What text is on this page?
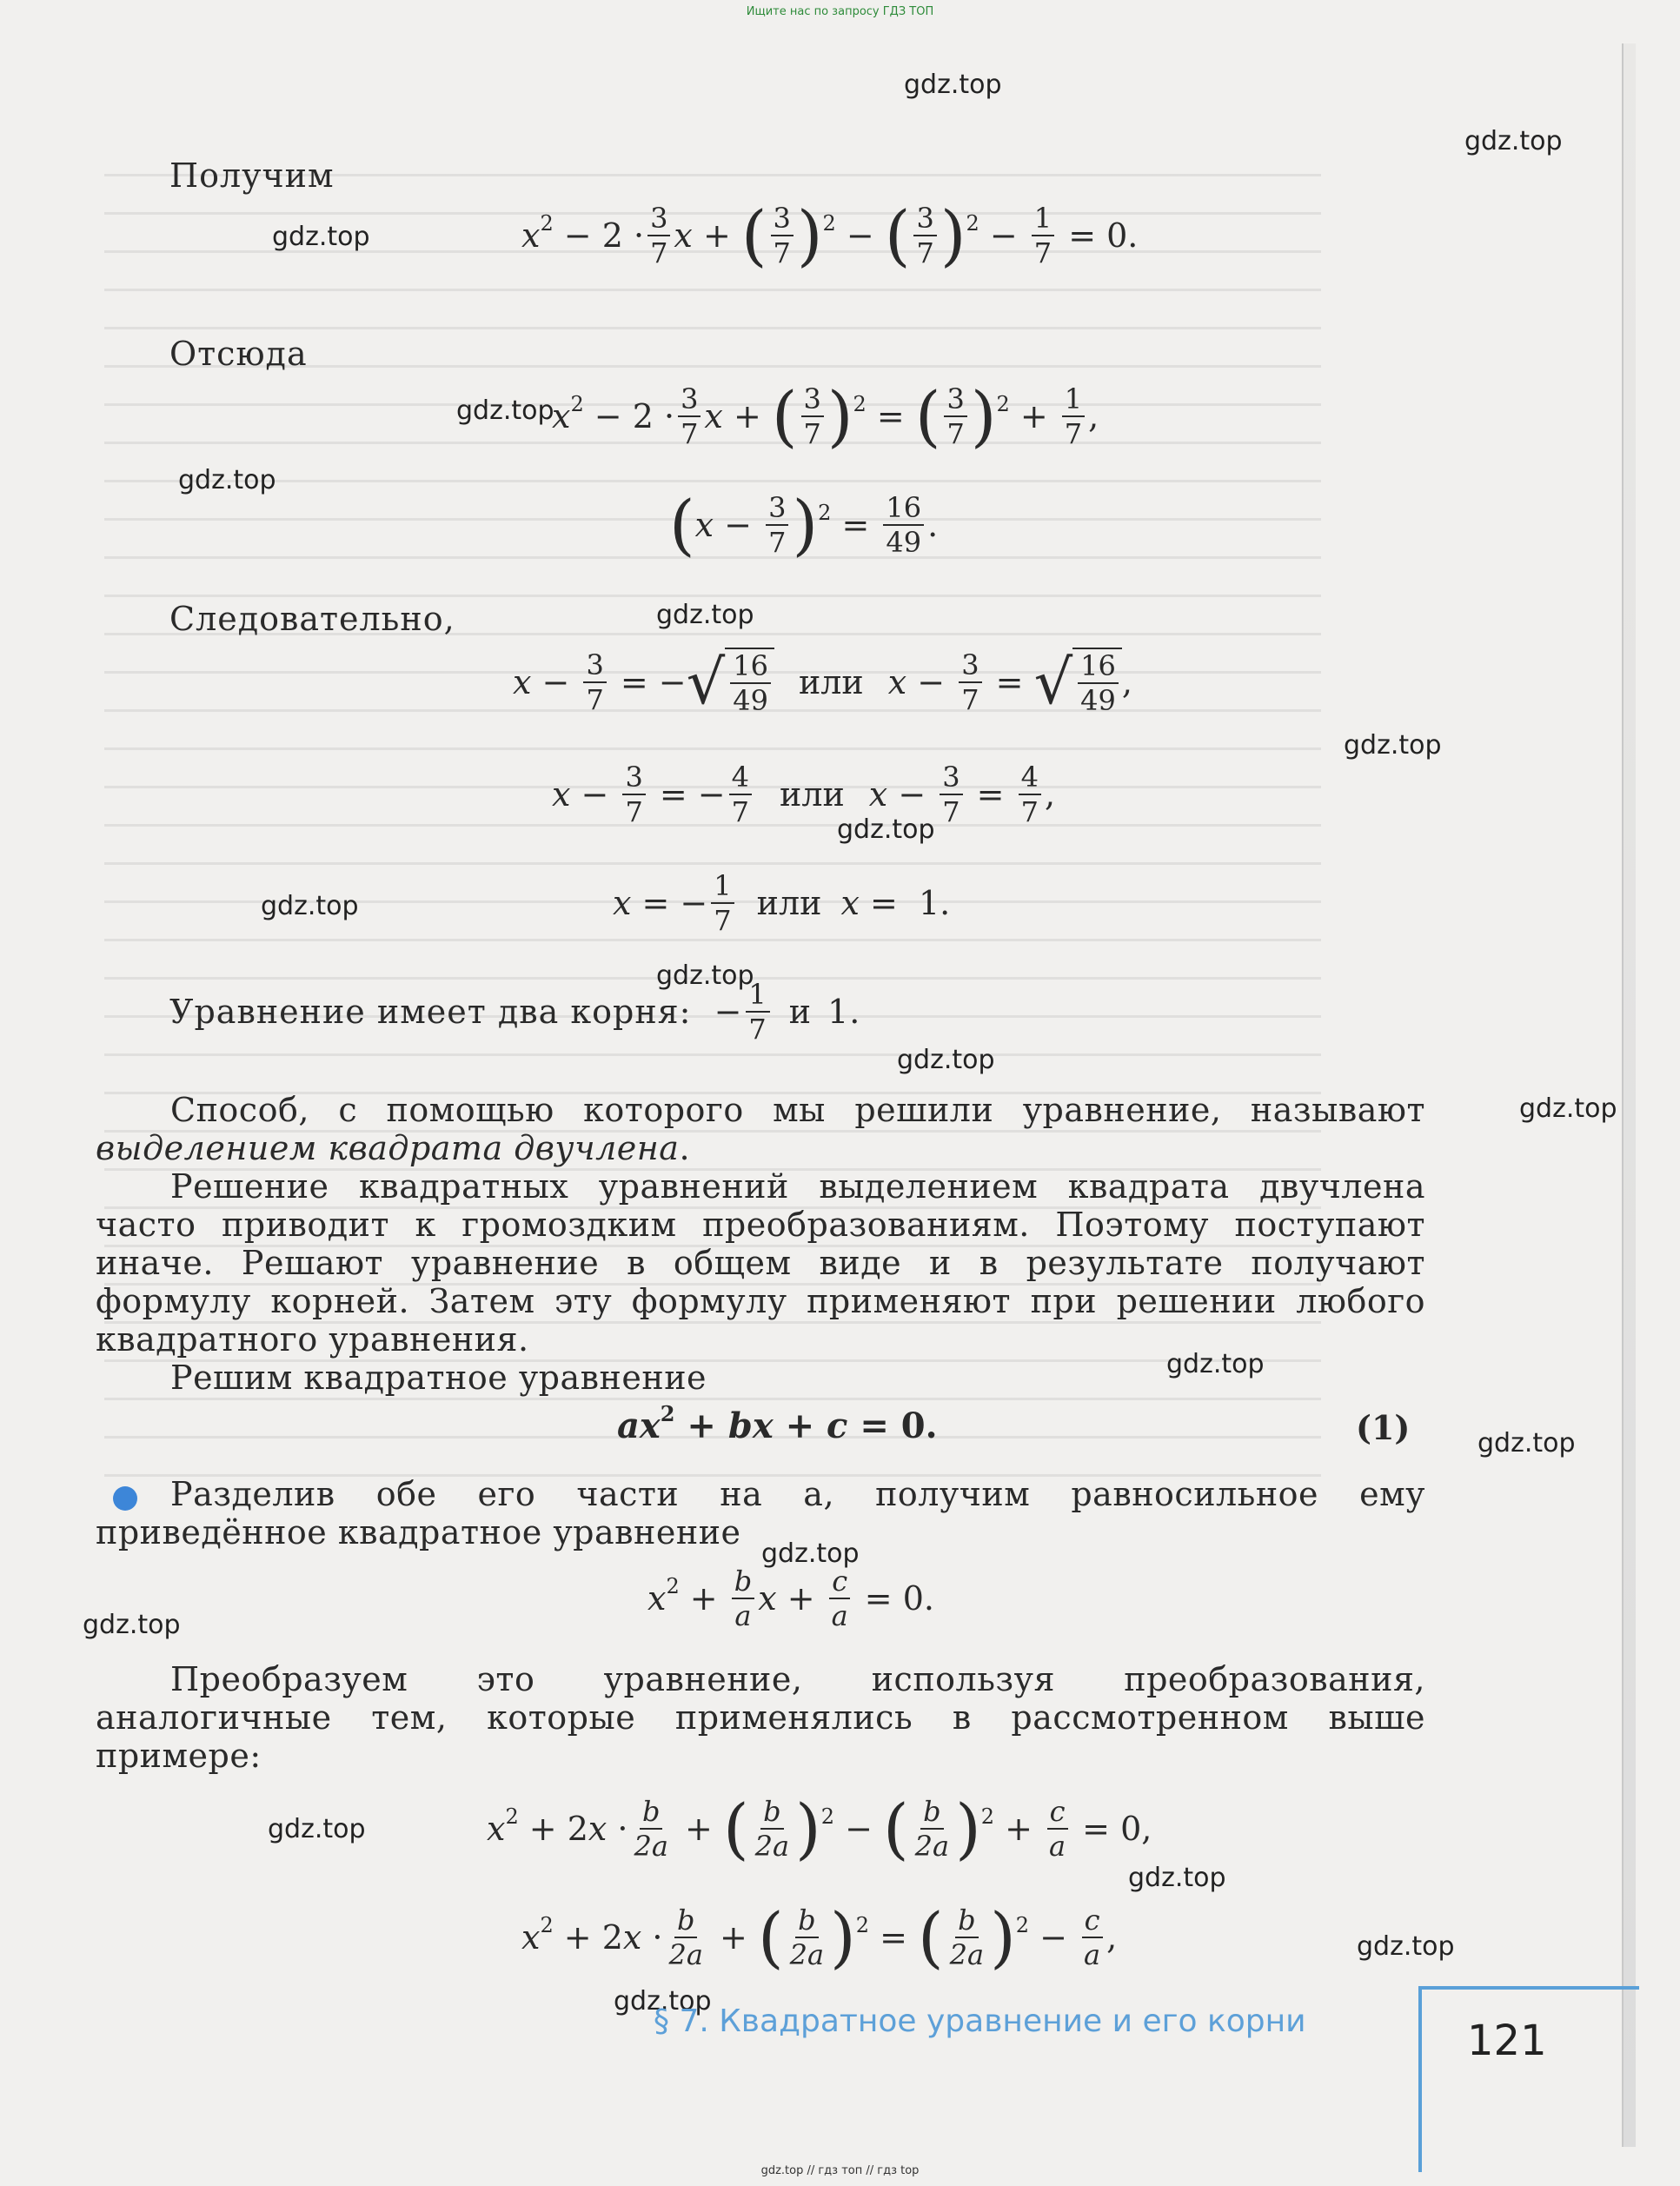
Ищите нас по запросу ГДЗ ТОП
gdz.top
gdz.top
gdz.top
gdz.top
gdz.top
gdz.top
gdz.top
gdz.top
gdz.top
gdz.top
gdz.top
gdz.top
gdz.top
gdz.top
gdz.top
gdz.top
gdz.top
gdz.top
gdz.top
gdz.top
Получим
x $2 - 2 \cdot \frac{3}{7}$ x + ( $\frac{3}{7}$ ) 2 − ( $\frac{3}{7}$ ) $2 - \frac{1}{7} = 0$.
Отсюда
x $2 - 2 \cdot \frac{3}{7}$ x + ( $\frac{3}{7}$ ) 2 = ( $\frac{3}{7}$ ) $2 + \frac{1}{7}$ ,
( $x - \frac{3}{7}$ ) $2 = \frac{16}{49}$ .
Следовательно,
$x - \frac{3}{7}$ = − √ $\frac{16}{49}$ или $x - \frac{3}{7}$ = √ $\frac{16}{49}$ ,
$x - \frac{3}{7}$ = − $\frac{4}{7}$ или $x - \frac{3}{7} = \frac{4}{7}$ ,
x = − $\frac{1}{7}$ или x =  1.
Уравнение имеет два корня: − $\frac{1}{7}$ и 1.
Способ, с помощью которого мы решили уравнение, называют выделением квадрата двучлена.
Решение квадратных уравнений выделением квадрата двучлена часто приводит к громоздким преобразованиям. Поэтому поступают иначе. Решают уравнение в общем виде и в результате получают формулу корней. Затем эту формулу применяют при решении любого квадратного уравнения.
Решим квадратное уравнение
ax 2 + bx + c = 0.	(1)
Разделив обе его части на a, получим равносильное ему приведённое квадратное уравнение
x $2 + \frac{b}{a}$ $x + \frac{c}{a} = 0$.
Преобразуем это уравнение, используя преобразования, аналогичные тем, которые применялись в рассмотренном выше примере:
x 2 + 2 $x \cdot \frac{b}{2a}$ + ( $\frac{b}{2a}$ ) 2 − ( $\frac{b}{2a}$ ) $2 + \frac{c}{a} = 0$,
x 2 + 2 $x \cdot \frac{b}{2a}$ + ( $\frac{b}{2a}$ ) 2 = ( $\frac{b}{2a}$ ) $2 - \frac{c}{a}$ ,
§ 7. Квадратное уравнение и его корни	121
gdz.top // гдз топ // гдз top
